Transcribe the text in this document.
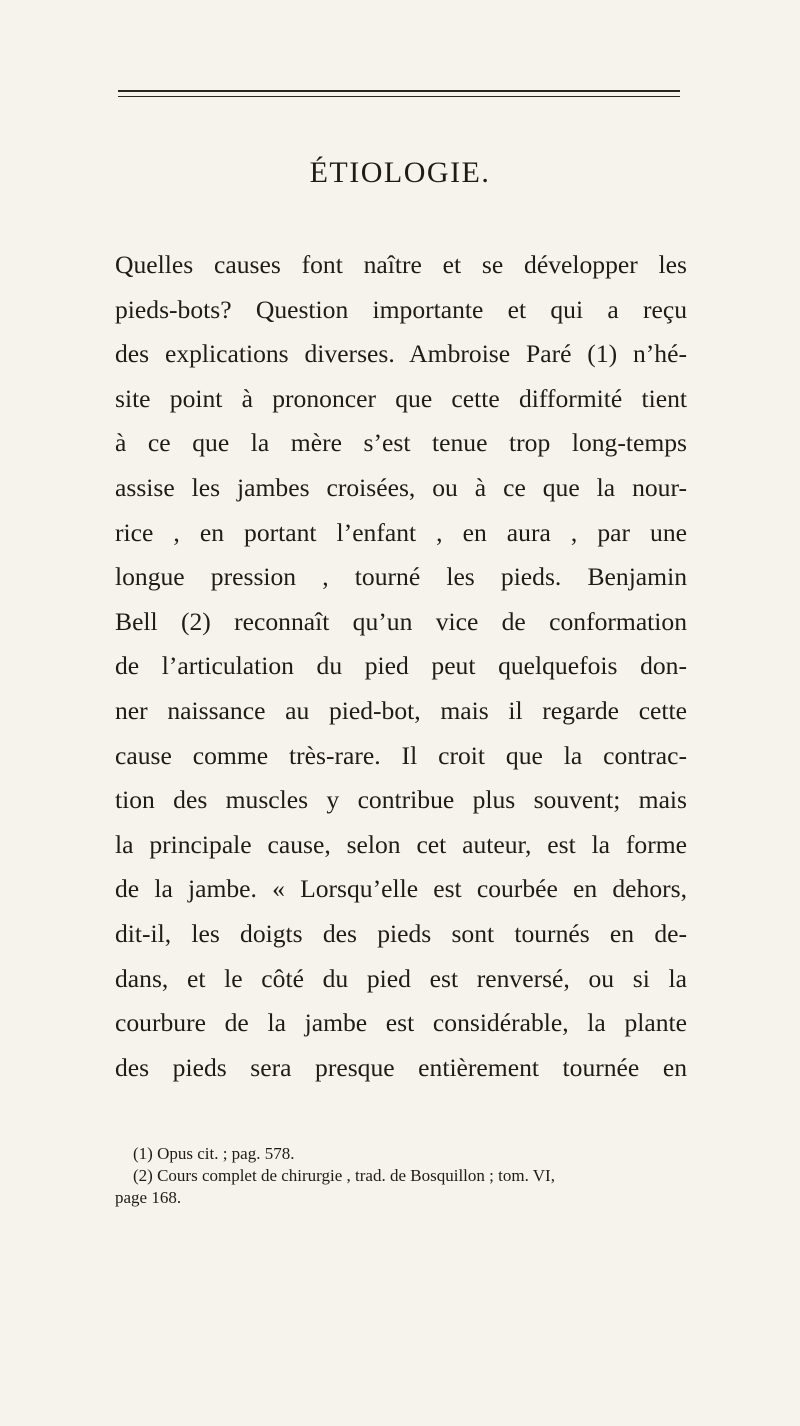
ÉTIOLOGIE.
Quelles causes font naître et se développer les
pieds-bots? Question importante et qui a reçu
des explications diverses. Ambroise Paré (1) n’hé-
site point à prononcer que cette difformité tient
à ce que la mère s’est tenue trop long-temps
assise les jambes croisées, ou à ce que la nour-
rice , en portant l’enfant , en aura , par une
longue pression , tourné les pieds. Benjamin
Bell (2) reconnaît qu’un vice de conformation
de l’articulation du pied peut quelquefois don-
ner naissance au pied-bot, mais il regarde cette
cause comme très-rare. Il croit que la contrac-
tion des muscles y contribue plus souvent; mais
la principale cause, selon cet auteur, est la forme
de la jambe. « Lorsqu’elle est courbée en dehors,
dit-il, les doigts des pieds sont tournés en de-
dans, et le côté du pied est renversé, ou si la
courbure de la jambe est considérable, la plante
des pieds sera presque entièrement tournée en
(1) Opus cit. ; pag. 578.
(2) Cours complet de chirurgie , trad. de Bosquillon ; tom. VI,
page 168.
